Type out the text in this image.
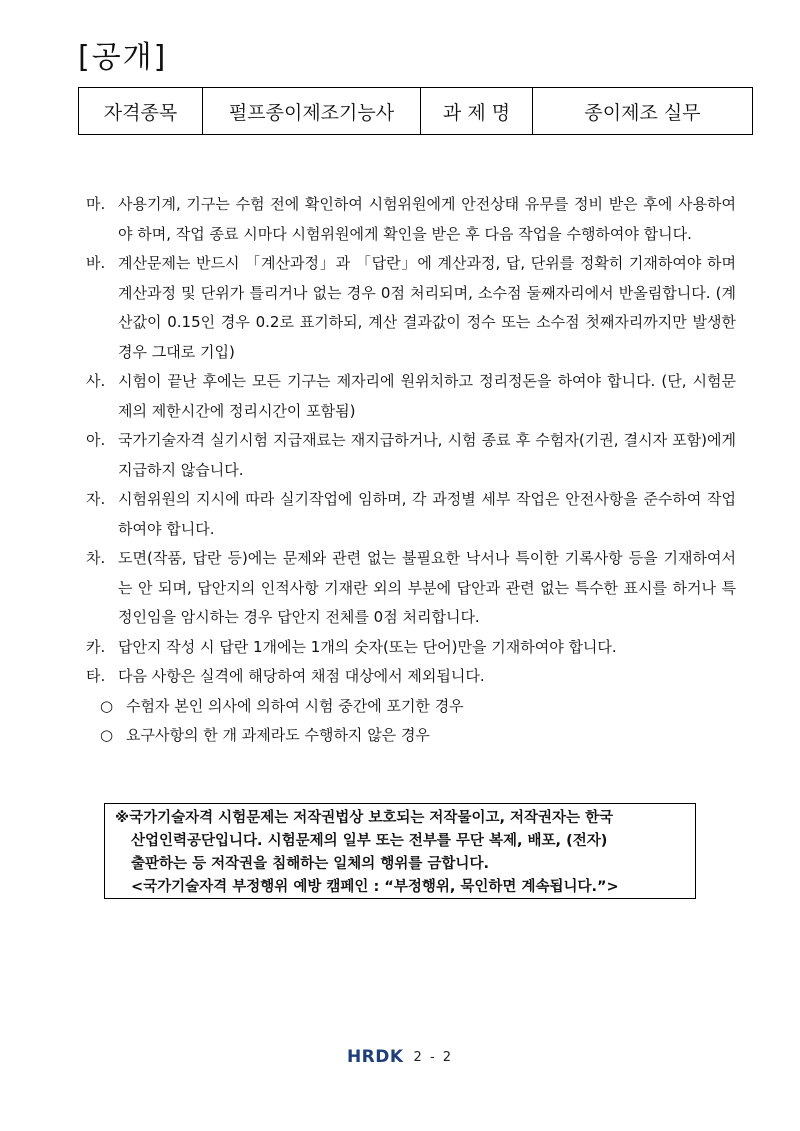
[공개]
자격종목	펄프종이제조기능사	과 제 명	종이제조 실무
마. 사용기계, 기구는 수험 전에 확인하여 시험위원에게 안전상태 유무를 정비 받은 후에 사용하여야 하며, 작업 종료 시마다 시험위원에게 확인을 받은 후 다음 작업을 수행하여야 합니다.
바. 계산문제는 반드시 「계산과정」과 「답란」에 계산과정, 답, 단위를 정확히 기재하여야 하며 계산과정 및 단위가 틀리거나 없는 경우 0점 처리되며, 소수점 둘째자리에서 반올림합니다. (계산값이 0.15인 경우 0.2로 표기하되, 계산 결과값이 정수 또는 소수점 첫째자리까지만 발생한 경우 그대로 기입)
사. 시험이 끝난 후에는 모든 기구는 제자리에 원위치하고 정리정돈을 하여야 합니다. (단, 시험문제의 제한시간에 정리시간이 포함됨)
아. 국가기술자격 실기시험 지급재료는 재지급하거나, 시험 종료 후 수험자(기권, 결시자 포함)에게 지급하지 않습니다.
자. 시험위원의 지시에 따라 실기작업에 임하며, 각 과정별 세부 작업은 안전사항을 준수하여 작업하여야 합니다.
차. 도면(작품, 답란 등)에는 문제와 관련 없는 불필요한 낙서나 특이한 기록사항 등을 기재하여서는 안 되며, 답안지의 인적사항 기재란 외의 부분에 답안과 관련 없는 특수한 표시를 하거나 특정인임을 암시하는 경우 답안지 전체를 0점 처리합니다.
카. 답안지 작성 시 답란 1개에는 1개의 숫자(또는 단어)만을 기재하여야 합니다.
타. 다음 사항은 실격에 해당하여 채점 대상에서 제외됩니다.
○ 수험자 본인 의사에 의하여 시험 중간에 포기한 경우
○ 요구사항의 한 개 과제라도 수행하지 않은 경우
※국가기술자격 시험문제는 저작권법상 보호되는 저작물이고, 저작권자는 한국
산업인력공단입니다. 시험문제의 일부 또는 전부를 무단 복제, 배포, (전자)
출판하는 등 저작권을 침해하는 일체의 행위를 금합니다.
<국가기술자격 부정행위 예방 캠페인 : “부정행위, 묵인하면 계속됩니다.”>
HRDK 2 - 2
